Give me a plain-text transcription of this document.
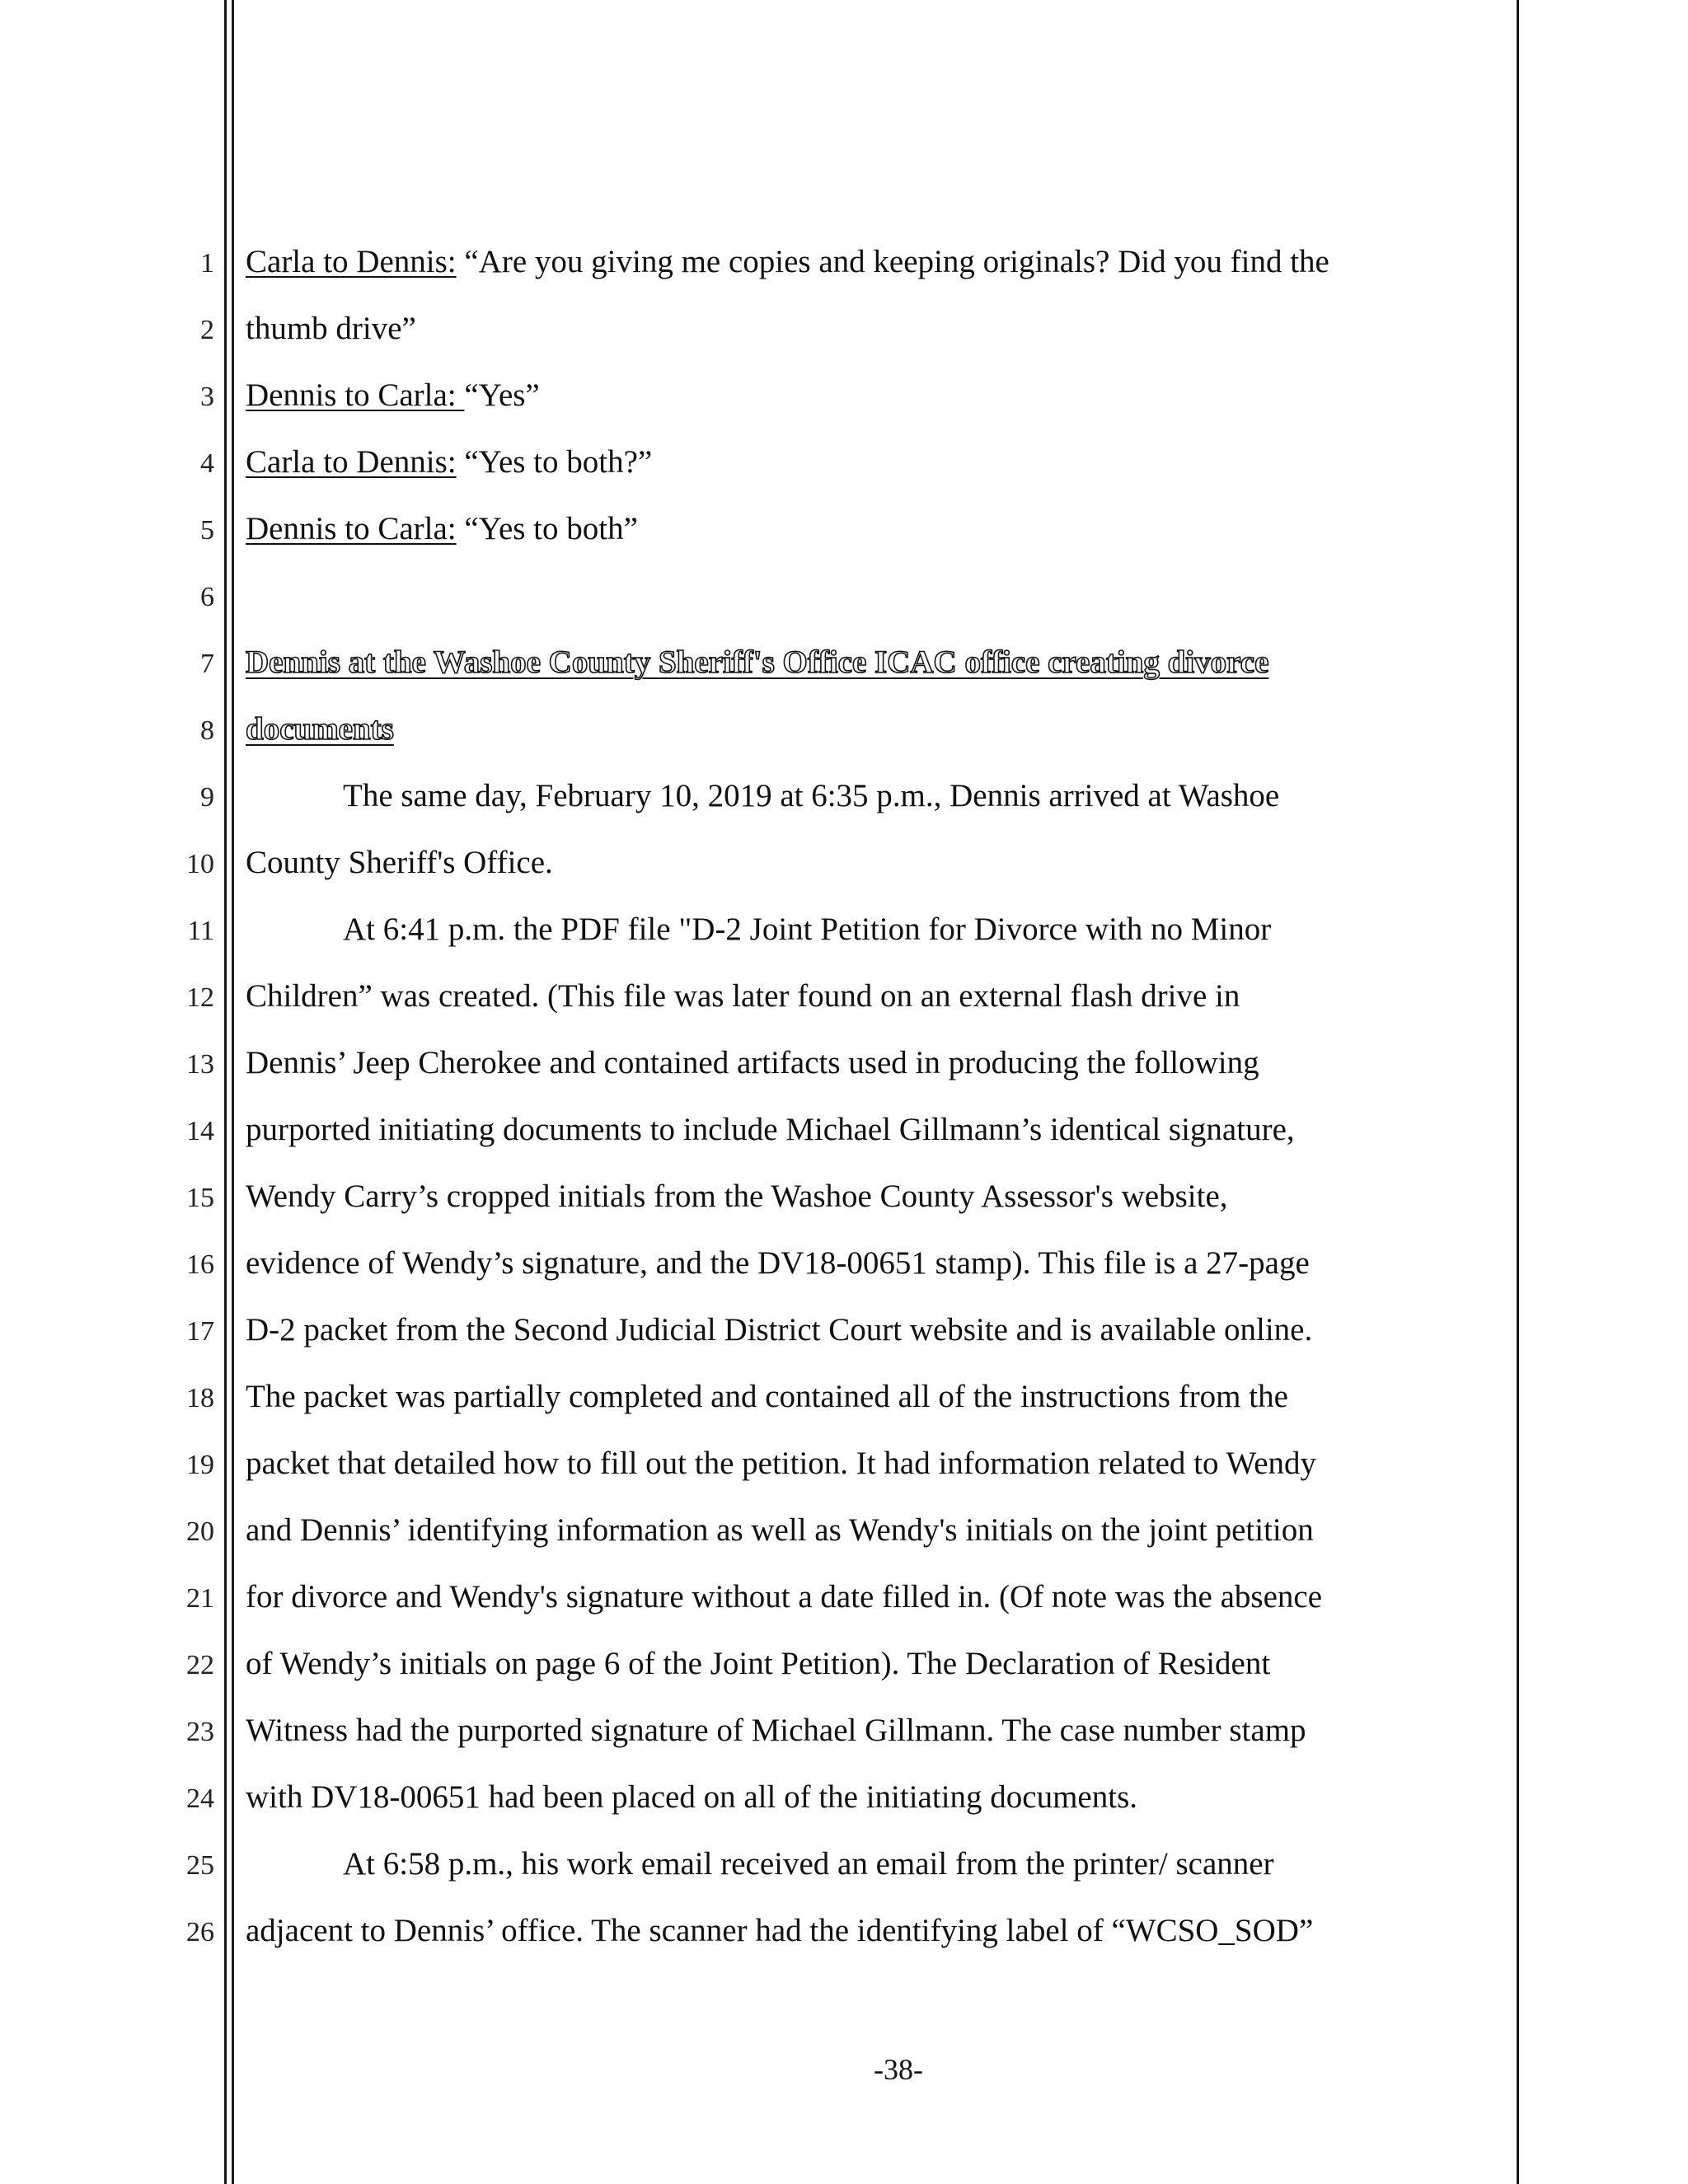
1
2
3
4
5
6
7
8
9
10
11
12
13
14
15
16
17
18
19
20
21
22
23
24
25
26
Carla to Dennis: “Are you giving me copies and keeping originals? Did you find the
thumb drive”
Dennis to Carla: “Yes”
Carla to Dennis: “Yes to both?”
Dennis to Carla: “Yes to both”
Dennis at the Washoe County Sheriff's Office ICAC office creating divorce
documents
The same day, February 10, 2019 at 6:35 p.m., Dennis arrived at Washoe
County Sheriff's Office.
At 6:41 p.m. the PDF file "D-2 Joint Petition for Divorce with no Minor
Children” was created. (This file was later found on an external flash drive in
Dennis’ Jeep Cherokee and contained artifacts used in producing the following
purported initiating documents to include Michael Gillmann’s identical signature,
Wendy Carry’s cropped initials from the Washoe County Assessor's website,
evidence of Wendy’s signature, and the DV18-00651 stamp). This file is a 27-page
D-2 packet from the Second Judicial District Court website and is available online.
The packet was partially completed and contained all of the instructions from the
packet that detailed how to fill out the petition. It had information related to Wendy
and Dennis’ identifying information as well as Wendy's initials on the joint petition
for divorce and Wendy's signature without a date filled in. (Of note was the absence
of Wendy’s initials on page 6 of the Joint Petition). The Declaration of Resident
Witness had the purported signature of Michael Gillmann. The case number stamp
with DV18-00651 had been placed on all of the initiating documents.
At 6:58 p.m., his work email received an email from the printer/ scanner
adjacent to Dennis’ office. The scanner had the identifying label of “WCSO_SOD”
-38-
